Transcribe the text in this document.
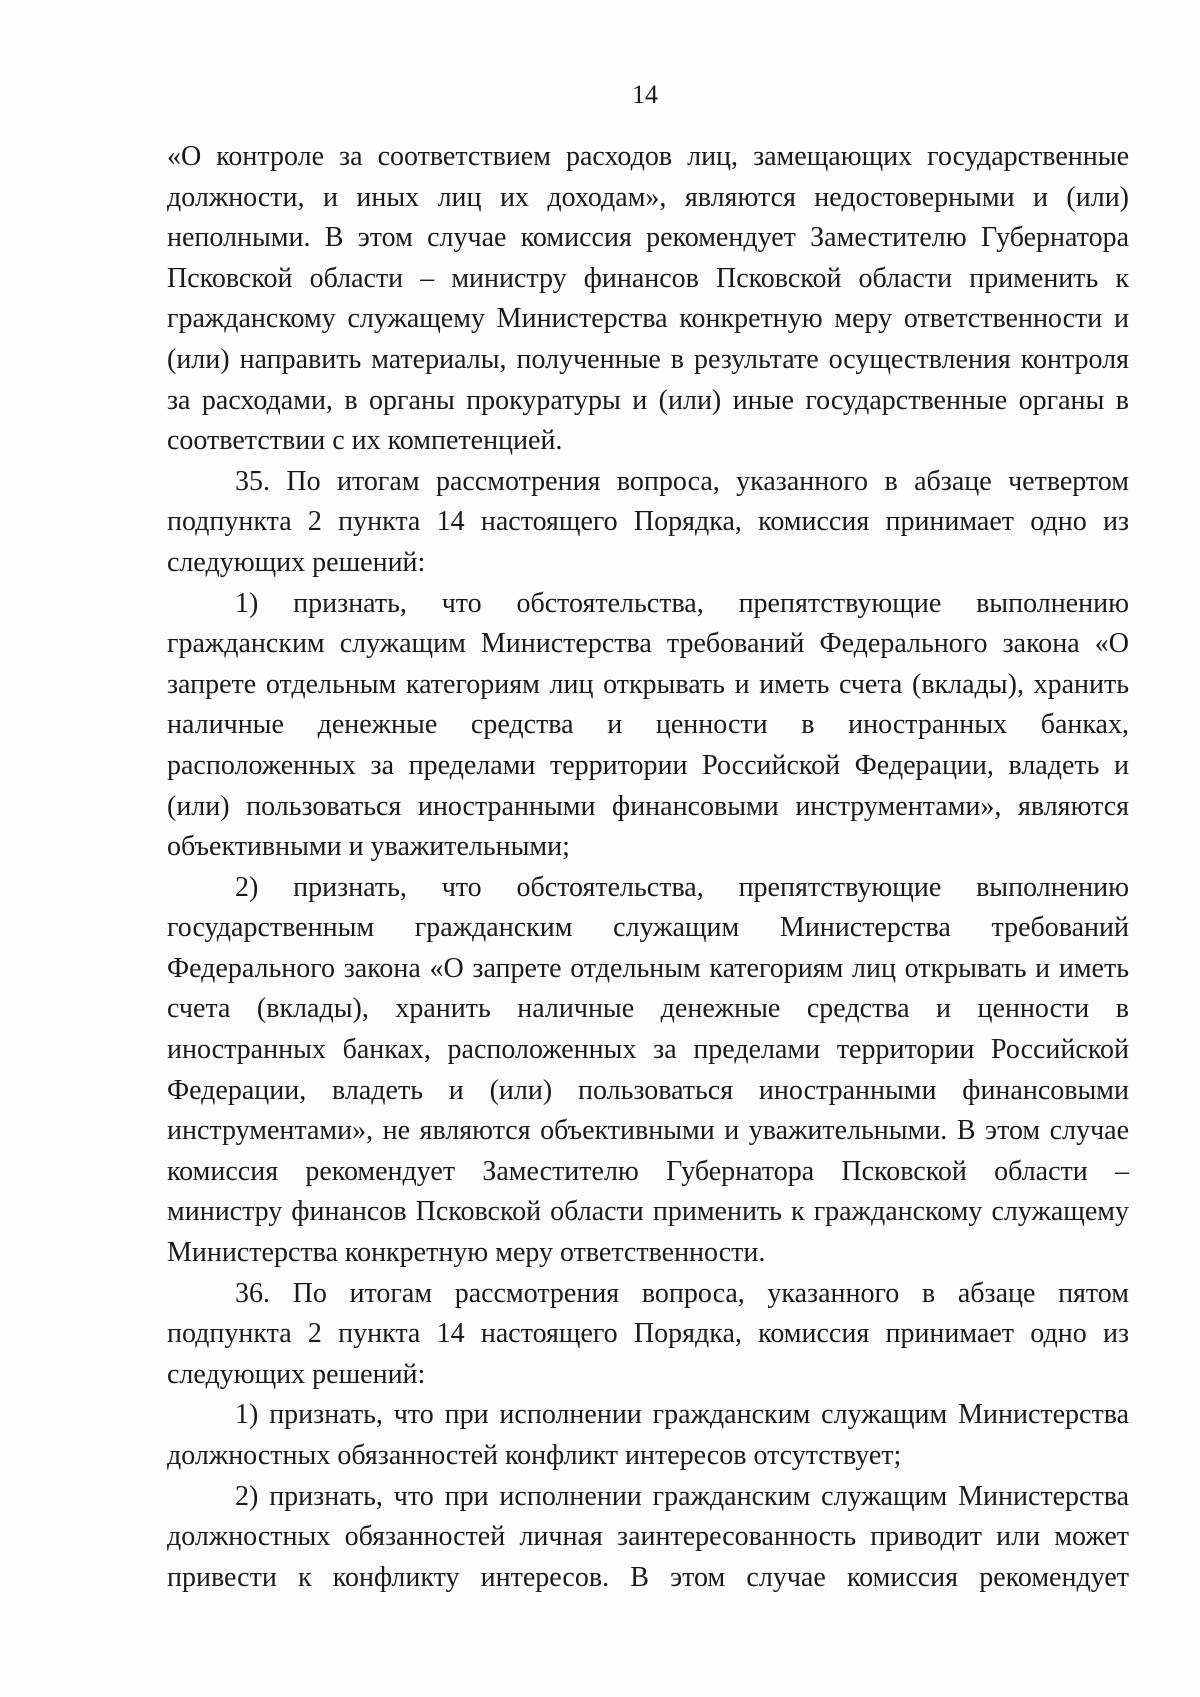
14

«О контроле за соответствием расходов лиц, замещающих государственные должности, и иных лиц их доходам», являются недостоверными и (или) неполными. В этом случае комиссия рекомендует Заместителю Губернатора Псковской области – министру финансов Псковской области применить к гражданскому служащему Министерства конкретную меру ответственности и (или) направить материалы, полученные в результате осуществления контроля за расходами, в органы прокуратуры и (или) иные государственные органы в соответствии с их компетенцией.

35. По итогам рассмотрения вопроса, указанного в абзаце четвертом подпункта 2 пункта 14 настоящего Порядка, комиссия принимает одно из следующих решений:

1) признать, что обстоятельства, препятствующие выполнению гражданским служащим Министерства требований Федерального закона «О запрете отдельным категориям лиц открывать и иметь счета (вклады), хранить наличные денежные средства и ценности в иностранных банках, расположенных за пределами территории Российской Федерации, владеть и (или) пользоваться иностранными финансовыми инструментами», являются объективными и уважительными;

2) признать, что обстоятельства, препятствующие выполнению государственным гражданским служащим Министерства требований Федерального закона «О запрете отдельным категориям лиц открывать и иметь счета (вклады), хранить наличные денежные средства и ценности в иностранных банках, расположенных за пределами территории Российской Федерации, владеть и (или) пользоваться иностранными финансовыми инструментами», не являются объективными и уважительными. В этом случае комиссия рекомендует Заместителю Губернатора Псковской области – министру финансов Псковской области применить к гражданскому служащему Министерства конкретную меру ответственности.

36. По итогам рассмотрения вопроса, указанного в абзаце пятом подпункта 2 пункта 14 настоящего Порядка, комиссия принимает одно из следующих решений:

1) признать, что при исполнении гражданским служащим Министерства должностных обязанностей конфликт интересов отсутствует;

2) признать, что при исполнении гражданским служащим Министерства должностных обязанностей личная заинтересованность приводит или может привести к конфликту интересов. В этом случае комиссия рекомендует
